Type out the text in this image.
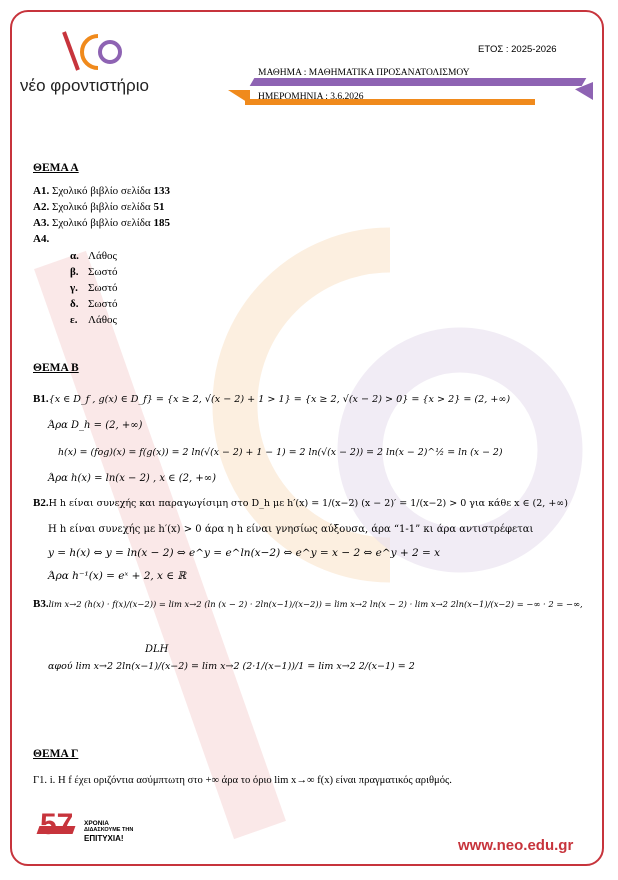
νέο φροντιστήριο
ΕΤΟΣ : 2025-2026
ΜΑΘΗΜΑ : ΜΑΘΗΜΑΤΙΚΑ ΠΡΟΣΑΝΑΤΟΛΙΣΜΟΥ
ΗΜΕΡΟΜΗΝΙΑ : 3.6.2026
ΘΕΜΑ Α
Α1. Σχολικό βιβλίο σελίδα 133
Α2. Σχολικό βιβλίο σελίδα 51
Α3. Σχολικό βιβλίο σελίδα 185
Α4.
α. Λάθος
β. Σωστό
γ. Σωστό
δ. Σωστό
ε. Λάθος
ΘΕΜΑ Β
Β1.{x ∈ D_f , g(x) ∈ D_f} = {x ≥ 2, √(x − 2) + 1 > 1} = {x ≥ 2, √(x − 2) > 0} = {x > 2} = (2, +∞)
Άρα D_h = (2, +∞)
h(x) = (fog)(x) = f(g(x)) = 2 ln(√(x − 2) + 1 − 1) = 2 ln(√(x − 2)) = 2 ln(x − 2)^½ = ln (x − 2)
Άρα h(x) = ln(x − 2) , x ∈ (2, +∞)
Β2.Η h είναι συνεχής και παραγωγίσιμη στο D_h με h′(x) = 1/(x−2) (x − 2)′ = 1/(x−2) > 0 για κάθε x ∈ (2, +∞)
Η h είναι συνεχής με h′(x) > 0 άρα η h είναι γνησίως αύξουσα, άρα “1-1” κι άρα αντιστρέφεται
y = h(x) ⇔ y = ln(x − 2) ⇔ e^y = e^ln(x−2) ⇔ e^y = x − 2 ⇔ e^y + 2 = x
Άρα h⁻¹(x) = eˣ + 2, x ∈ ℝ
Β3.lim x→2 (h(x) · f(x)/(x−2)) = lim x→2 (ln (x − 2) · 2ln(x−1)/(x−2)) = lim x→2 ln(x − 2) · lim x→2 2ln(x−1)/(x−2) = −∞ · 2 = −∞,
DLH
αφού lim x→2 2ln(x−1)/(x−2) = lim x→2 (2·1/(x−1))/1 = lim x→2 2/(x−1) = 2
ΘΕΜΑ Γ
Γ1. i. Η f έχει οριζόντια ασύμπτωτη στο +∞ άρα το όριο lim x→∞ f(x) είναι πραγματικός αριθμός.
57 ΧΡΟΝΙΑ
ΔΙΔΑΣΚΟΥΜΕ ΤΗΝ
ΕΠΙΤΥΧΙΑ!	www.neo.edu.gr
